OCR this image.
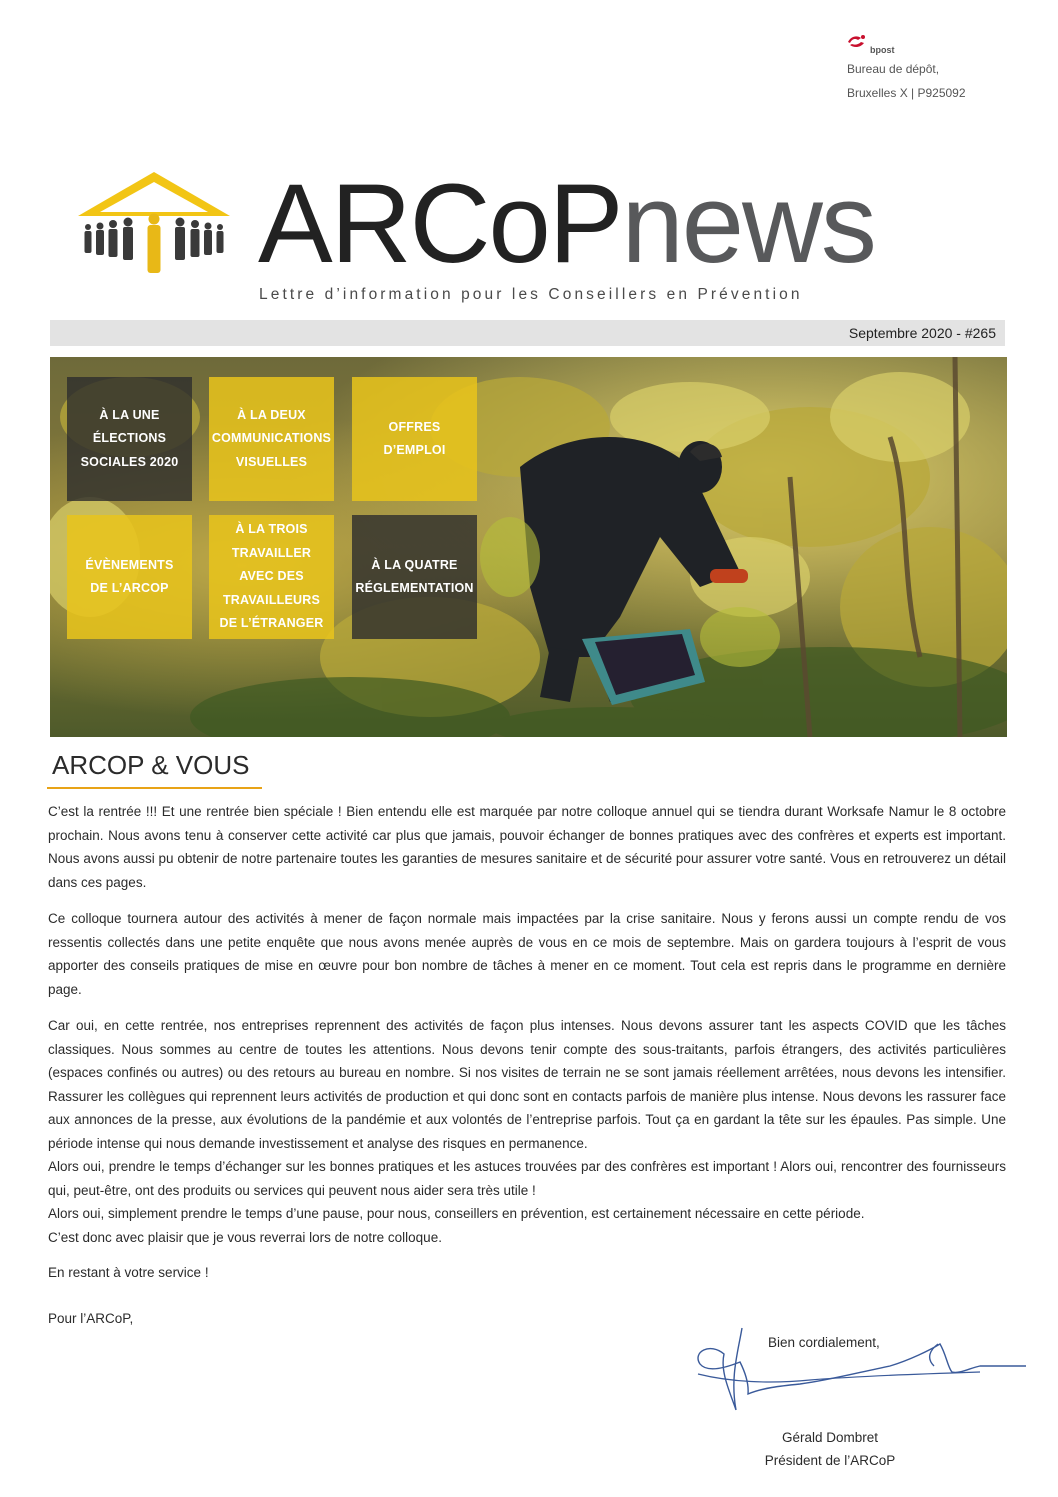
bpost
Bureau de dépôt,
Bruxelles X | P925092
ARCoPnews
Lettre d’information pour les Conseillers en Prévention
Septembre 2020 - #265
À LA UNE
ÉLECTIONS
SOCIALES 2020
À LA DEUX
COMMUNICATIONS
VISUELLES
OFFRES
D’EMPLOI
ÉVÈNEMENTS
DE L’ARCOP
À LA TROIS
TRAVAILLER
AVEC DES
TRAVAILLEURS
DE L’ÉTRANGER
À LA QUATRE
RÉGLEMENTATION
ARCOP & VOUS

C’est la rentrée !!! Et une rentrée bien spéciale ! Bien entendu elle est marquée par notre colloque annuel qui se tiendra durant Worksafe Namur le 8 octobre prochain. Nous avons tenu à conserver cette activité car plus que jamais, pouvoir échanger de bonnes pratiques avec des confrères et experts est important. Nous avons aussi pu obtenir de notre partenaire toutes les garanties de mesures sanitaire et de sécurité pour assurer votre santé. Vous en retrouverez un détail dans ces pages.

Ce colloque tournera autour des activités à mener de façon normale mais impactées par la crise sanitaire. Nous y ferons aussi un compte rendu de vos ressentis collectés dans une petite enquête que nous avons menée auprès de vous en ce mois de septembre. Mais on gardera toujours à l’esprit de vous apporter des conseils pratiques de mise en œuvre pour bon nombre de tâches à mener en ce moment. Tout cela est repris dans le programme en dernière page.

Car oui, en cette rentrée, nos entreprises reprennent des activités de façon plus intenses. Nous devons assurer tant les aspects COVID que les tâches classiques. Nous sommes au centre de toutes les attentions. Nous devons tenir compte des sous-traitants, parfois étrangers, des activités particulières (espaces confinés ou autres) ou des retours au bureau en nombre. Si nos visites de terrain ne se sont jamais réellement arrêtées, nous devons les intensifier. Rassurer les collègues qui reprennent leurs activités de production et qui donc sont en contacts parfois de manière plus intense. Nous devons les rassurer face aux annonces de la presse, aux évolutions de la pandémie et aux volontés de l’entreprise parfois. Tout ça en gardant la tête sur les épaules. Pas simple. Une période intense qui nous demande investissement et analyse des risques en permanence.

Alors oui, prendre le temps d’échanger sur les bonnes pratiques et les astuces trouvées par des confrères est important ! Alors oui, rencontrer des fournisseurs qui, peut-être, ont des produits ou services qui peuvent nous aider sera très utile !

Alors oui, simplement prendre le temps d’une pause, pour nous, conseillers en prévention, est certainement nécessaire en cette période.

C’est donc avec plaisir que je vous reverrai lors de notre colloque.

En restant à votre service !
Pour l’ARCoP,
Bien cordialement,
Gérald Dombret
Président de l’ARCoP
